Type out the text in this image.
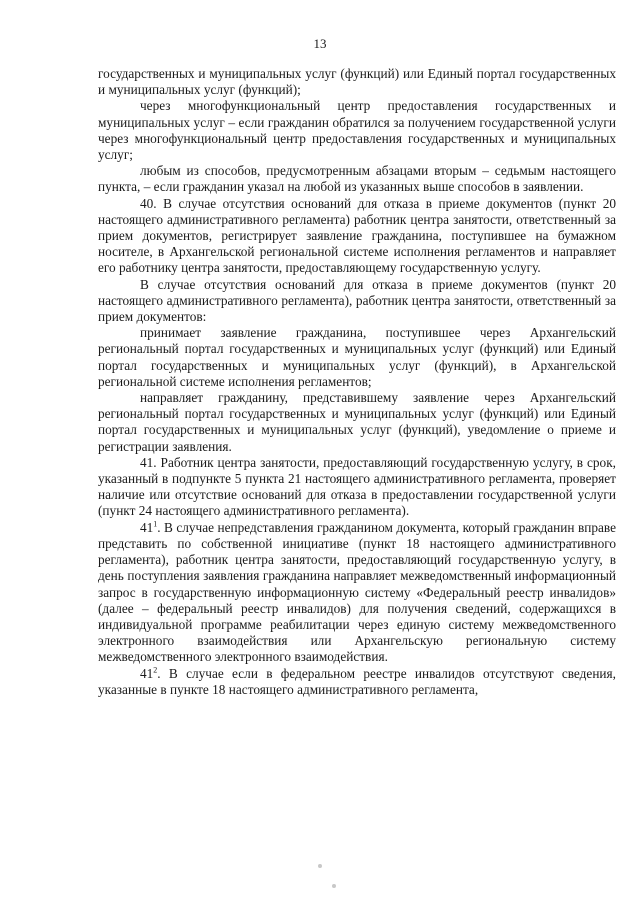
13

государственных и муниципальных услуг (функций) или Единый портал государственных и муниципальных услуг (функций);

через многофункциональный центр предоставления государственных и муниципальных услуг – если гражданин обратился за получением государственной услуги через многофункциональный центр предоставления государственных и муниципальных услуг;

любым из способов, предусмотренным абзацами вторым – седьмым настоящего пункта, – если гражданин указал на любой из указанных выше способов в заявлении.

40. В случае отсутствия оснований для отказа в приеме документов (пункт 20 настоящего административного регламента) работник центра занятости, ответственный за прием документов, регистрирует заявление гражданина, поступившее на бумажном носителе, в Архангельской региональной системе исполнения регламентов и направляет его работнику центра занятости, предоставляющему государственную услугу.

В случае отсутствия оснований для отказа в приеме документов (пункт 20 настоящего административного регламента), работник центра занятости, ответственный за прием документов:

принимает заявление гражданина, поступившее через Архангельский региональный портал государственных и муниципальных услуг (функций) или Единый портал государственных и муниципальных услуг (функций), в Архангельской региональной системе исполнения регламентов;

направляет гражданину, представившему заявление через Архангельский региональный портал государственных и муниципальных услуг (функций) или Единый портал государственных и муниципальных услуг (функций), уведомление о приеме и регистрации заявления.

41. Работник центра занятости, предоставляющий государственную услугу, в срок, указанный в подпункте 5 пункта 21 настоящего административного регламента, проверяет наличие или отсутствие оснований для отказа в предоставлении государственной услуги (пункт 24 настоящего административного регламента).

$41^1$. В случае непредставления гражданином документа, который гражданин вправе представить по собственной инициативе (пункт 18 настоящего административного регламента), работник центра занятости, предоставляющий государственную услугу, в день поступления заявления гражданина направляет межведомственный информационный запрос в государственную информационную систему «Федеральный реестр инвалидов» (далее – федеральный реестр инвалидов) для получения сведений, содержащихся в индивидуальной программе реабилитации через единую систему межведомственного электронного взаимодействия или Архангельскую региональную систему межведомственного электронного взаимодействия.

$41^2$. В случае если в федеральном реестре инвалидов отсутствуют сведения, указанные в пункте 18 настоящего административного регламента,
